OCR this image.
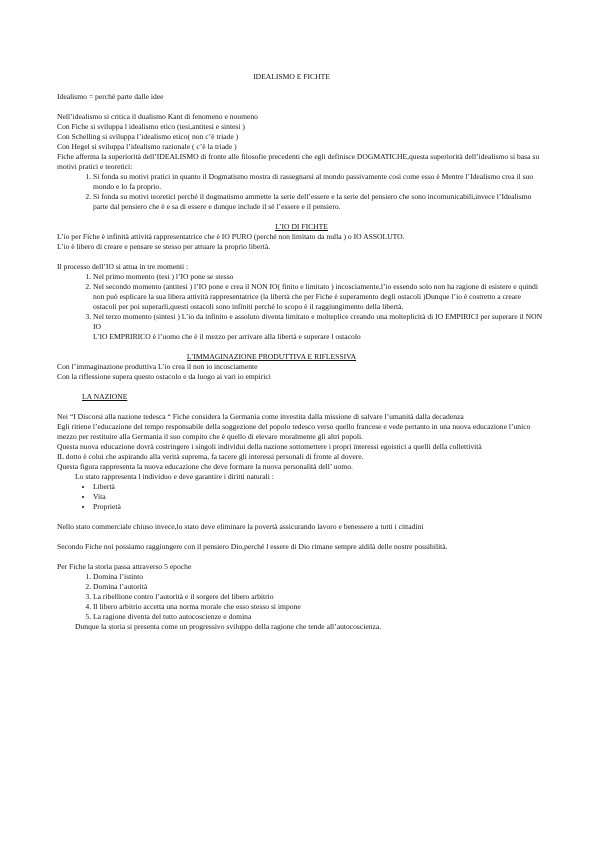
IDEALISMO E FICHTE

Idealismo = perché parte dalle idee

Nell’idealismo si critica il dualismo Kant di fenomeno e noumeno

Con Fiche si sviluppa l idealismo etico (tesi,antitesi e sintesi )

Con Schelling si sviluppa l’idealismo etico( non c’è triade )

Con Hegel si sviluppa l’idealismo razionale ( c’è la triade )

Fiche afferma la superiorità dell’IDEALISMO di fronte alle filosofie precedenti che egli definisce DOGMATICHE,questa superiorità dell’idealismo si basa su motivi pratici e teoretici:

1. Si fonda su motivi pratici in quanto il Dogmatismo mostra di rassegnarsi al mondo passivamente così come esso è Mentre l’Idealismo crea il suo mondo e lo fa proprio.
2. Si fonda su motivi teoretici perché il dogmatismo ammette la serie dell’essere e la serie del pensiero che sono incomunicabili,invece l’Idealismo parte dal pensiero che è e sa di essere e dunque include il sé l’essere e il pensiero.

L’IO DI FICHTE

L’io per Fiche è infinità attività rappresentatrice che è IO PURO (perché non limitato da nulla ) o IO ASSOLUTO.

L’io è libero di creare e pensare se stesso per attuare la proprio libertà.

Il processo dell’IO si attua in tre momenti :

1. Nel primo momento (tesi ) l’IO pone se stesso
2. Nel secondo momento (antitesi ) l’IO pone e crea il NON IO( finito e limitato ) incosciamente,l’io essendo solo non ha ragione di esistere e quindi non può esplicare la sua libera attività rappresentatrice (la libertà che per Fiche è superamento degli ostacoli )Dunque l’io è costretto a creare ostacoli per poi superarli,questi ostacoli sono infiniti perché lo scopo è il raggiungimento della libertà.
3. Nel terzo momento (sintesi ) L’io da infinito e assoluto diventa limitato e molteplice creando una molteplicità di IO EMPIRICI per superare il NON IO

L’IO EMPRIRICO è l’uomo che è il mezzo per arrivare alla libertà e superare l ostacolo

L’IMMAGINAZIONE PRODUTTIVA E RIFLESSIVA

Con l’immaginazione produttiva L’io crea il non io incosciamente

Con la riflessione supera questo ostacolo e da luogo ai vari io empirici

LA NAZIONE

Nei “I Discorsi alla nazione tedesca “ Fiche considera la Germania come investita dalla missione di salvare l’umanità dalla decadenza

Egli ritiene l’educazione del tempo responsabile della soggezione del popolo tedesco verso quello francese e vede pertanto in una nuova educazione l’unico mezzo per restituire alla Germania il suo compito che è quello di elevare moralmente gli altri popoli.

Questa nuova educazione dovrà costringere i singoli individui della nazione sottomettere i propri interessi egoistici a quelli della collettività

IL dotto è colui che aspirando alla verità suprema, fa tacere gli interessi personali di fronte al dovere.

Questa figura rappresenta la nuova educazione che deve formare la nuova personalità dell’ uomo.

Lo stato rappresenta l individuo e deve garantire i diritti naturali :

• Libertà
• Vita
• Proprietà

Nello stato commerciale chiuso invece,lo stato deve eliminare la povertà assicurando lavoro e benessere a tutti i cittadini

Secondo Fiche noi possiamo raggiungere con il pensiero Dio,perché l essere di Dio rimane sempre aldilà delle nostre possibilità.

Per Fiche la storia passa attraverso 5 epoche

1. Domina l’istinto
2. Domina l’autorità
3. La ribellione contro l’autorità e il sorgere del libero arbitrio
4. Il libero arbitrio accetta una norma morale che esso stesso si impone
5. La ragione diventa del tutto autocoscienze e domina

Dunque la storia si presenta come un progressivo sviluppo della ragione che tende all’autocoscienza.
